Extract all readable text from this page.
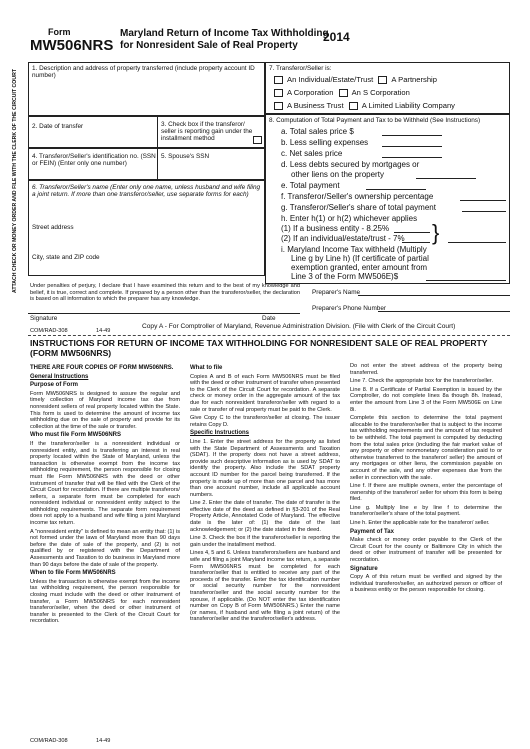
Form
MW506NRS
Maryland Return of Income Tax Withholding
for Nonresident Sale of Real Property
2014
ATTACH CHECK OR MONEY ORDER AND FILE WITH THE CLERK OF THE CIRCUIT COURT
1. Description and address of property transferred (include property account ID number)
2. Date of transfer	3. Check box if the transferor/ seller is reporting gain under the installment method
4. Transferor/Seller's identification no. (SSN or FEIN) (Enter only one number)
5. Spouse's SSN
6. Transferor/Seller's name (Enter only one name, unless husband and wife filing a joint return. If more than one transferor/seller, use separate forms for each)
Street address
City, state and ZIP code
7. Transferor/Seller is:
An Individual/Estate/Trust A Partnership
A Corporation An S Corporation
A Business Trust A Limited Liability Company
8. Computation of Total Payment and Tax to be Withheld (See Instructions)
a. Total sales price $
b. Less selling expenses
c. Net sales price
d. Less debts secured by mortgages or
other liens on the property
e. Total payment
f. Transferor/Seller's ownership percentage
g. Transferor/Seller's share of total payment
h. Enter h(1) or h(2) whichever applies
(1) If a business entity - 8.25%
(2) If an individual/estate/trust - 7% }
i. Maryland Income Tax withheld (Multiply
Line g by Line h) (If certificate of partial
exemption granted, enter amount from
Line 3 of the Form MW506E)$
Under penalties of perjury, I declare that I have examined this return and to the best of my knowledge and belief, it is true, correct and complete. If prepared by a person other than the transferor/seller, the declaration is based on all information to which the preparer has any knowledge.
Signature	Date
Preparer's Name
Preparer's Phone Number
COM/RAD-308	14-49
Copy A - For Comptroller of Maryland, Revenue Administration Division. (File with Clerk of the Circuit Court)
INSTRUCTIONS FOR RETURN OF INCOME TAX WITHHOLDING FOR NONRESIDENT SALE OF REAL PROPERTY (FORM MW506NRS)

THERE ARE FOUR COPIES OF FORM MW506NRS.

General Instructions

Purpose of Form

Form MW506NRS is designed to assure the regular and timely collection of Maryland income tax due from nonresident sellers of real property located within the State. This form is used to determine the amount of income tax withholding due on the sale of property and provide for its collection at the time of the sale or transfer.

Who must file Form MW506NRS

If the transferor/seller is a nonresident individual or nonresident entity, and is transferring an interest in real property located within the State of Maryland, unless the transaction is otherwise exempt from the income tax withholding requirement, the person responsible for closing must file Form MW506NRS with the deed or other instrument of transfer that will be filed with the Clerk of the Circuit Court for recordation. If there are multiple transferors/ sellers, a separate form must be completed for each nonresident individual or nonresident entity subject to the withholding requirements. The separate form requirement does not apply to a husband and wife filing a joint Maryland income tax return.

A "nonresident entity" is defined to mean an entity that: (1) is not formed under the laws of Maryland more than 90 days before the date of sale of the property, and (2) is not qualified by or registered with the Department of Assessments and Taxation to do business in Maryland more than 90 days before the date of sale of the property.

When to file Form MW506NRS

Unless the transaction is otherwise exempt from the income tax withholding requirement, the person responsible for closing must include with the deed or other instrument of transfer, a Form MW506NRS for each nonresident transferor/seller, when the deed or other instrument of transfer is presented to the Clerk of the Circuit Court for recordation.

What to file

Copies A and B of each Form MW506NRS must be filed with the deed or other instrument of transfer when presented to the Clerk of the Circuit Court for recordation. A separate check or money order in the aggregate amount of the tax due for each nonresident transferor/seller with regard to a sale or transfer of real property must be paid to the Clerk.

Give Copy C to the transferor/seller at closing. The issuer retains Copy D.

Specific Instructions

Line 1. Enter the street address for the property as listed with the State Department of Assessments and Taxation (SDAT). If the property does not have a street address, provide such descriptive information as is used by SDAT to identify the property. Also include the SDAT property account ID number for the parcel being transferred. If the property is made up of more than one parcel and has more than one account number, include all applicable account numbers.

Line 2. Enter the date of transfer. The date of transfer is the effective date of the deed as defined in §3-201 of the Real Property Article, Annotated Code of Maryland. The effective date is the later of: (1) the date of the last acknowledgement; or (2) the date stated in the deed.

Line 3. Check the box if the transferor/seller is reporting the gain under the installment method.

Lines 4, 5 and 6. Unless transferors/sellers are husband and wife and filing a joint Maryland income tax return, a separate Form MW506NRS must be completed for each transferor/seller that is entitled to receive any part of the proceeds of the transfer. Enter the tax identification number or social security number for the nonresident transferor/seller and the social security number for the spouse, if applicable. (Do NOT enter the tax identification number on Copy B of Form MW506NRS.) Enter the name (or names, if husband and wife filing a joint return) of the transferor/seller and the transferor/seller's address.

Do not enter the street address of the property being transferred.

Line 7. Check the appropriate box for the transferor/seller.

Line 8. If a Certificate of Partial Exemption is issued by the Comptroller, do not complete lines 8a though 8h. Instead, enter the amount from Line 3 of the Form MW506E on Line 8i.

Complete this section to determine the total payment allocable to the transferor/seller that is subject to the income tax withholding requirements and the amount of tax required to be withheld. The total payment is computed by deducting from the total sales price (including the fair market value of any property or other nonmonetary consideration paid to or otherwise transferred to the transferor/ seller) the amount of any mortgages or other liens, the commission payable on account of the sale, and any other expenses due from the seller in connection with the sale.

Line f. If there are multiple owners, enter the percentage of ownership of the transferor/ seller for whom this form is being filed.

Line g. Multiply line e by line f to determine the transferor/seller's share of the total payment.

Line h. Enter the applicable rate for the transferor/ seller.

Payment of Tax

Make check or money order payable to the Clerk of the Circuit Court for the county or Baltimore City in which the deed or other instrument of transfer will be presented for recordation.

Signature

Copy A of this return must be verified and signed by the individual transferor/seller, an authorized person or officer of a business entity or the person responsible for closing.

COM/RAD-308	14-49
